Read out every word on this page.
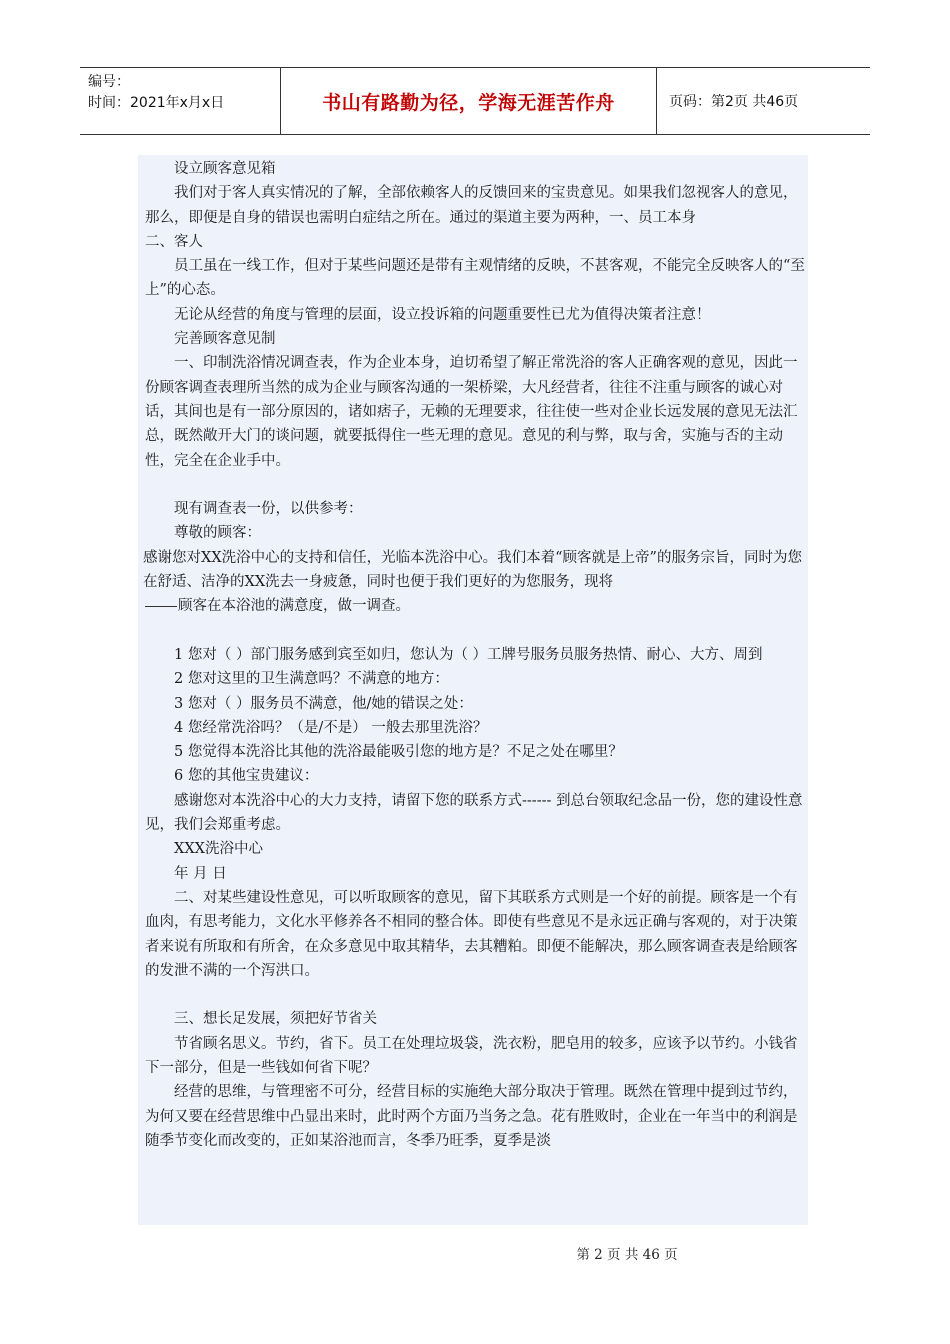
编号：
时间：2021年x月x日	书山有路勤为径，学海无涯苦作舟	页码：第2页 共46页

设立顾客意见箱

我们对于客人真实情况的了解，全部依赖客人的反馈回来的宝贵意见。如果我们忽视客人的意见，那么，即便是自身的错误也需明白症结之所在。通过的渠道主要为两种，一、员工本身

二、客人

员工虽在一线工作，但对于某些问题还是带有主观情绪的反映，不甚客观，不能完全反映客人的“至上”的心态。

无论从经营的角度与管理的层面，设立投诉箱的问题重要性已尤为值得决策者注意！

完善顾客意见制

一、印制洗浴情况调查表，作为企业本身，迫切希望了解正常洗浴的客人正确客观的意见，因此一份顾客调查表理所当然的成为企业与顾客沟通的一架桥梁，大凡经营者，往往不注重与顾客的诚心对话，其间也是有一部分原因的，诸如痞子，无赖的无理要求，往往使一些对企业长远发展的意见无法汇总，既然敞开大门的谈问题，就要抵得住一些无理的意见。意见的利与弊，取与舍，实施与否的主动性，完全在企业手中。

现有调查表一份，以供参考：

尊敬的顾客：

感谢您对XX洗浴中心的支持和信任，光临本洗浴中心。我们本着“顾客就是上帝”的服务宗旨，同时为您在舒适、洁净的XX洗去一身疲惫，同时也便于我们更好的为您服务，现将

顾客在本浴池的满意度，做一调查。

1 您对（ ）部门服务感到宾至如归，您认为（ ）工牌号服务员服务热情、耐心、大方、周到

2 您对这里的卫生满意吗？不满意的地方：

3 您对（ ）服务员不满意，他/她的错误之处：

4 您经常洗浴吗？（是/不是） 一般去那里洗浴？

5 您觉得本洗浴比其他的洗浴最能吸引您的地方是？不足之处在哪里？

6 您的其他宝贵建议：

感谢您对本洗浴中心的大力支持，请留下您的联系方式------ 到总台领取纪念品一份，您的建设性意见，我们会郑重考虑。

XXX洗浴中心

年 月 日

二、对某些建设性意见，可以听取顾客的意见，留下其联系方式则是一个好的前提。顾客是一个有血肉，有思考能力，文化水平修养各不相同的整合体。即使有些意见不是永远正确与客观的，对于决策者来说有所取和有所舍，在众多意见中取其精华，去其糟粕。即便不能解决，那么顾客调查表是给顾客的发泄不满的一个泻洪口。

三、想长足发展，须把好节省关

节省顾名思义。节约，省下。员工在处理垃圾袋，洗衣粉，肥皂用的较多，应该予以节约。小钱省下一部分，但是一些钱如何省下呢？

经营的思维，与管理密不可分，经营目标的实施绝大部分取决于管理。既然在管理中提到过节约，为何又要在经营思维中凸显出来时，此时两个方面乃当务之急。花有胜败时，企业在一年当中的利润是随季节变化而改变的，正如某浴池而言，冬季乃旺季，夏季是淡

第 2 页 共 46 页
